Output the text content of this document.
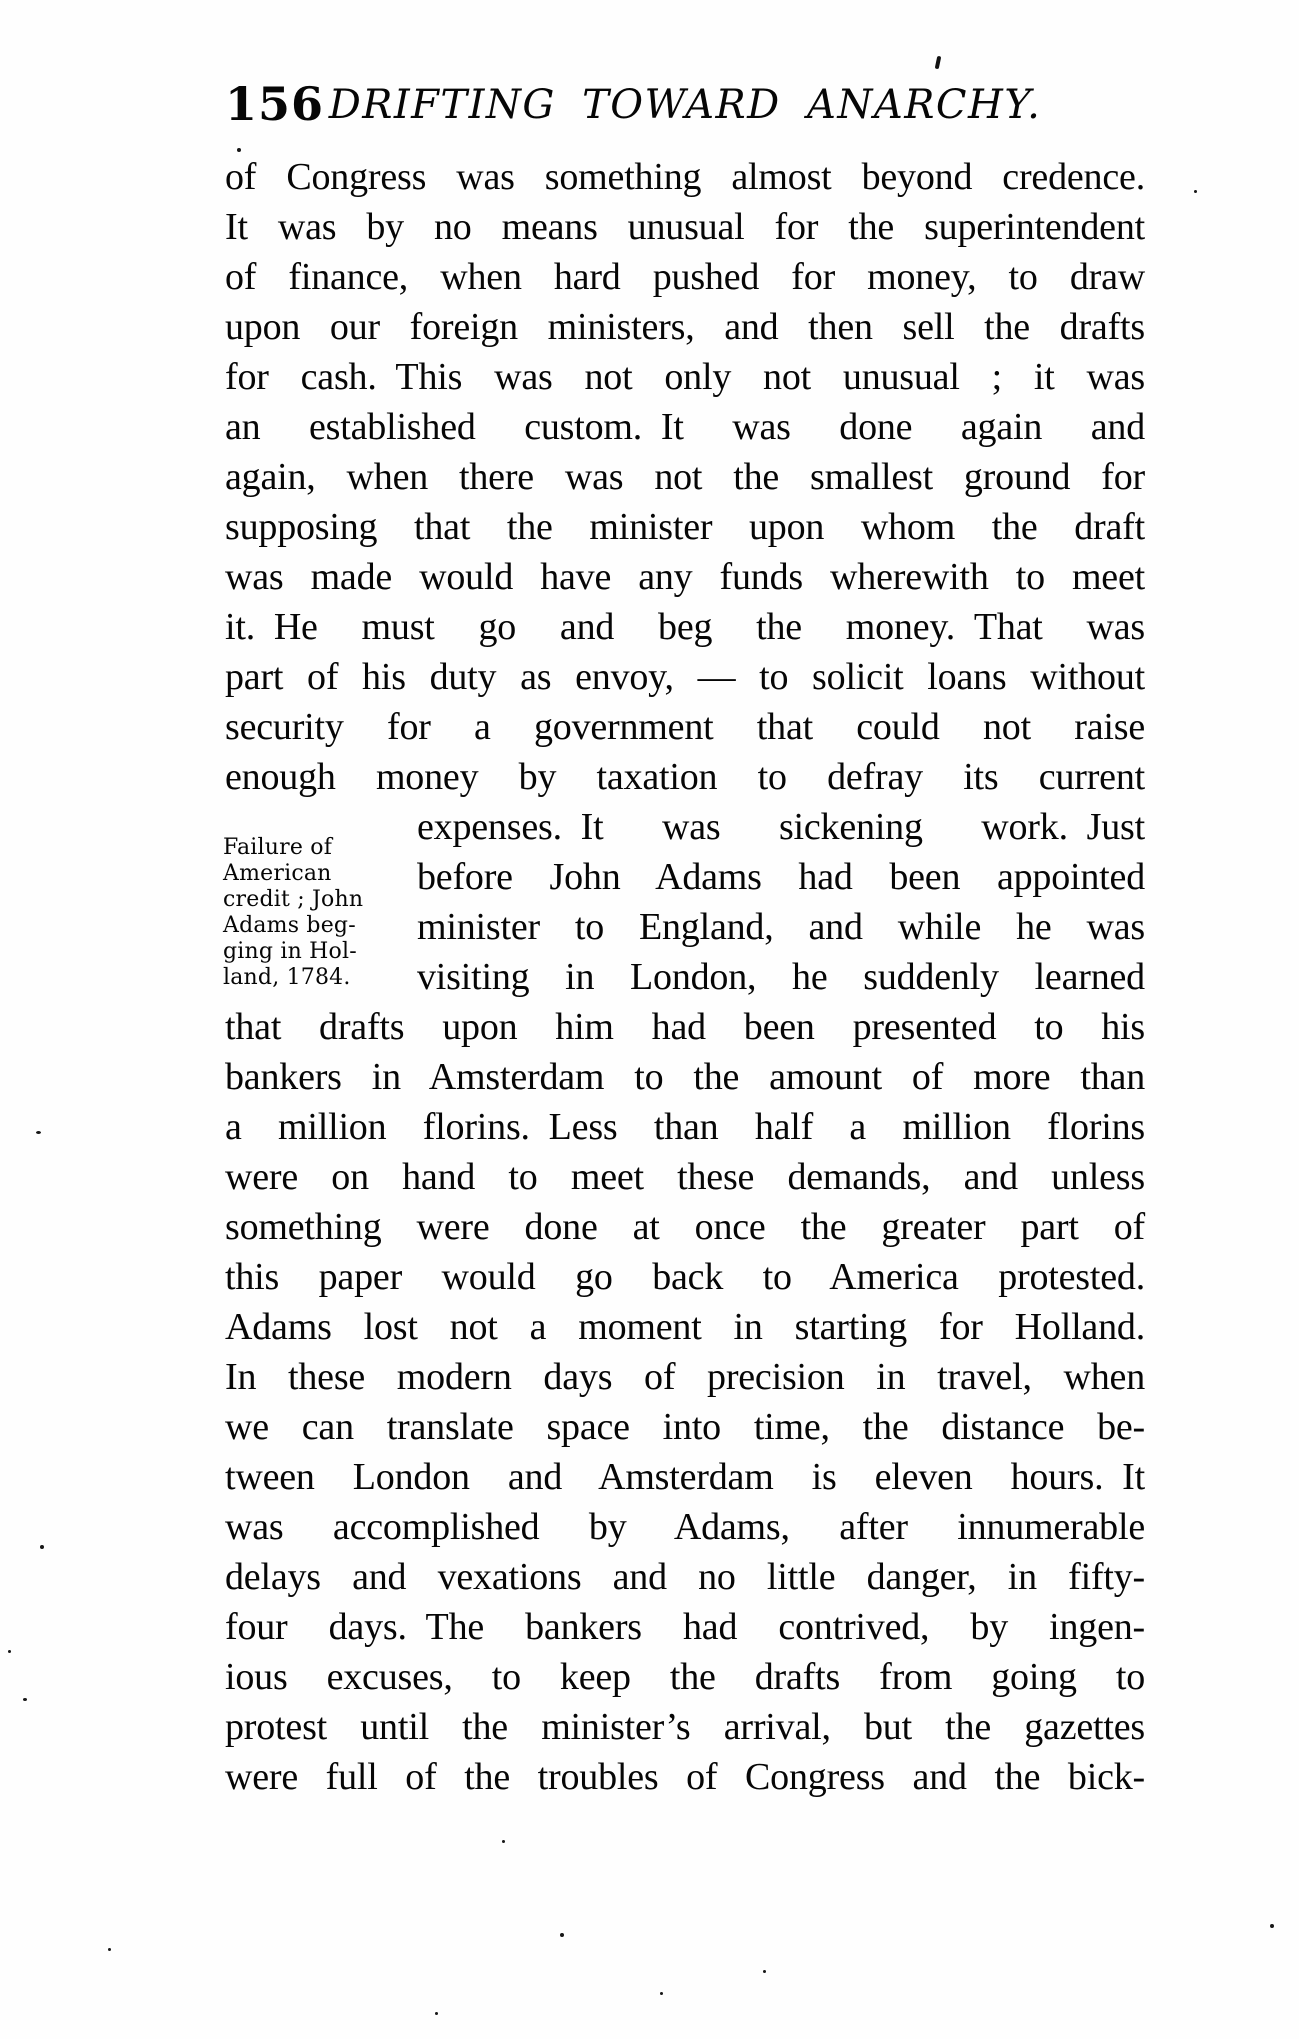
156 DRIFTING TOWARD ANARCHY.
of Congress was something almost beyond credence.
It was by no means unusual for the superintendent
of finance, when hard pushed for money, to draw
upon our foreign ministers, and then sell the drafts
for cash. This was not only not unusual ; it was
an established custom. It was done again and
again, when there was not the smallest ground for
supposing that the minister upon whom the draft
was made would have any funds wherewith to meet
it. He must go and beg the money. That was
part of his duty as envoy, — to solicit loans without
security for a government that could not raise
enough money by taxation to defray its current
expenses. It was sickening work. Just
before John Adams had been appointed
minister to England, and while he was
visiting in London, he suddenly learned
that drafts upon him had been presented to his
bankers in Amsterdam to the amount of more than
a million florins. Less than half a million florins
were on hand to meet these demands, and unless
something were done at once the greater part of
this paper would go back to America protested.
Adams lost not a moment in starting for Holland.
In these modern days of precision in travel, when
we can translate space into time, the distance be-
tween London and Amsterdam is eleven hours. It
was accomplished by Adams, after innumerable
delays and vexations and no little danger, in fifty-
four days. The bankers had contrived, by ingen-
ious excuses, to keep the drafts from going to
protest until the minister’s arrival, but the gazettes
were full of the troubles of Congress and the bick-
Failure of
American
credit ; John
Adams beg-
ging in Hol-
land, 1784.
